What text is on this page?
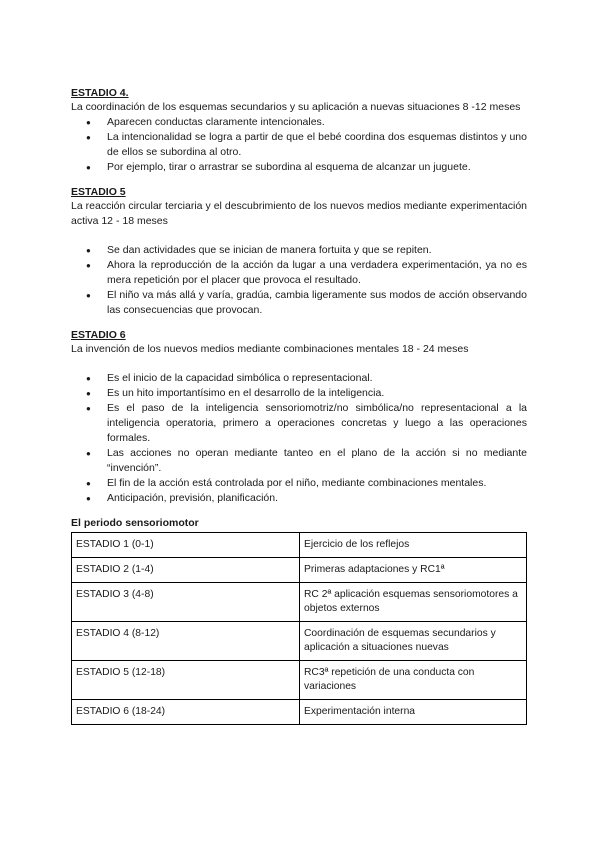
ESTADIO 4.
La coordinación de los esquemas secundarios y su aplicación a nuevas situaciones 8 -12 meses
● Aparecen conductas claramente intencionales.
● La intencionalidad se logra a partir de que el bebé coordina dos esquemas distintos y uno de ellos se subordina al otro.
● Por ejemplo, tirar o arrastrar se subordina al esquema de alcanzar un juguete.
ESTADIO 5
La reacción circular terciaria y el descubrimiento de los nuevos medios mediante experimentación activa 12 - 18 meses
● Se dan actividades que se inician de manera fortuita y que se repiten.
● Ahora la reproducción de la acción da lugar a una verdadera experimentación, ya no es mera repetición por el placer que provoca el resultado.
● El niño va más allá y varía, gradúa, cambia ligeramente sus modos de acción observando las consecuencias que provocan.
ESTADIO 6
La invención de los nuevos medios mediante combinaciones mentales 18 - 24 meses
● Es el inicio de la capacidad simbólica o representacional.
● Es un hito importantísimo en el desarrollo de la inteligencia.
● Es el paso de la inteligencia sensoriomotriz/no simbólica/no representacional a la inteligencia operatoria, primero a operaciones concretas y luego a las operaciones formales.
● Las acciones no operan mediante tanteo en el plano de la acción si no mediante “invención”.
● El fin de la acción está controlada por el niño, mediante combinaciones mentales.
● Anticipación, previsión, planificación.
El periodo sensoriomotor
ESTADIO 1 (0-1)	Ejercicio de los reflejos
ESTADIO 2 (1-4)	Primeras adaptaciones y RC1ª
ESTADIO 3 (4-8)	RC 2ª aplicación esquemas sensoriomotores a objetos externos
ESTADIO 4 (8-12)	Coordinación de esquemas secundarios y aplicación a situaciones nuevas
ESTADIO 5 (12-18)	RC3ª repetición de una conducta con variaciones
ESTADIO 6 (18-24)	Experimentación interna
